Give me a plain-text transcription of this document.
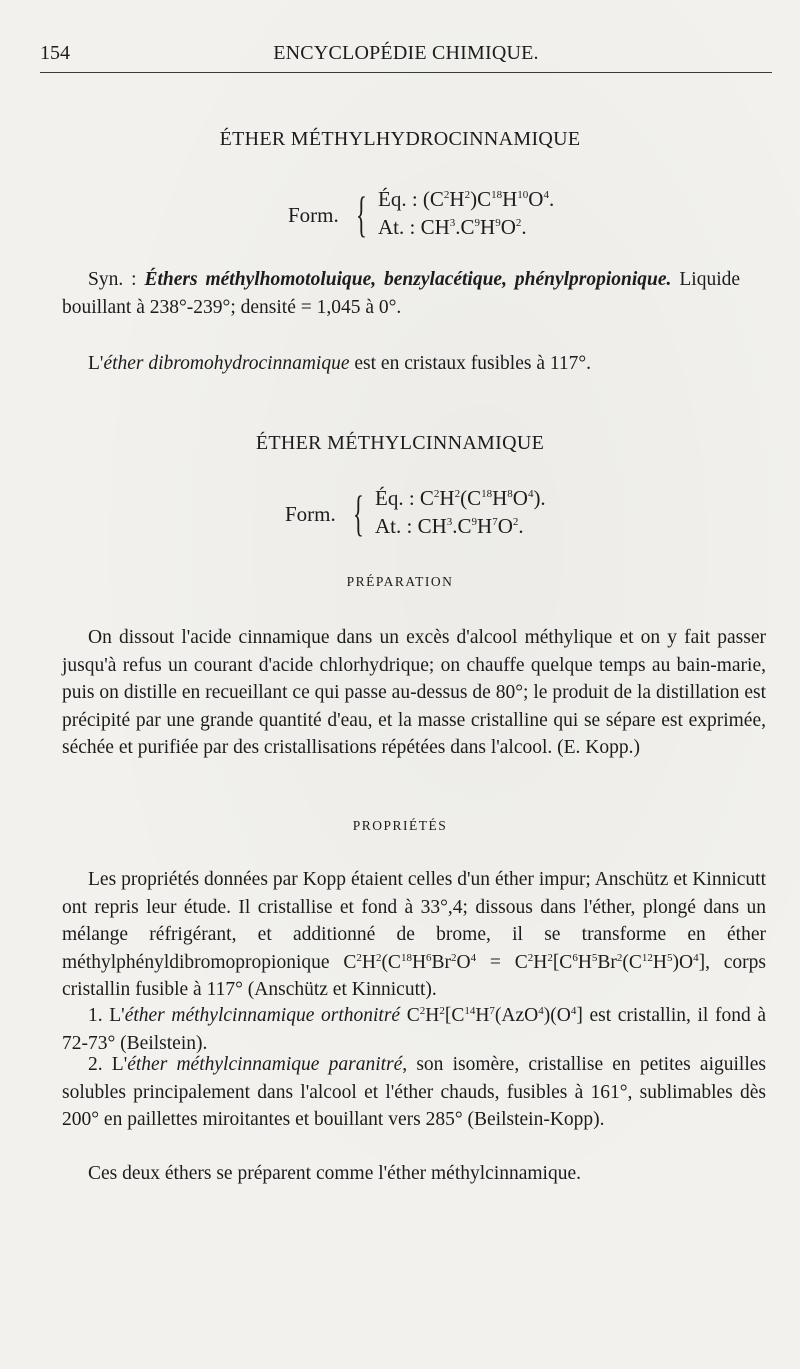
154	ENCYCLOPÉDIE CHIMIQUE.
ÉTHER MÉTHYLHYDROCINNAMIQUE
Form. { Éq. : $(C^2H^2)C^{18}H^{10}O^4$.
At. : $CH^3.C^9H^9O^2$.
Syn. : Éthers méthylhomotoluique, benzylacétique, phénylpropionique. Liquide bouillant à 238°-239°; densité = 1,045 à 0°.
L'éther dibromohydrocinnamique est en cristaux fusibles à 117°.
ÉTHER MÉTHYLCINNAMIQUE
Form. { Éq. : $C^2H^2(C^{18}H^8O^4)$.
At. : $CH^3.C^9H^7O^2$.
PRÉPARATION
On dissout l'acide cinnamique dans un excès d'alcool méthylique et on y fait passer jusqu'à refus un courant d'acide chlorhydrique; on chauffe quelque temps au bain-marie, puis on distille en recueillant ce qui passe au-dessus de 80°; le produit de la distillation est précipité par une grande quantité d'eau, et la masse cristalline qui se sépare est exprimée, séchée et purifiée par des cristallisations répétées dans l'alcool. (E. Kopp.)
PROPRIÉTÉS
Les propriétés données par Kopp étaient celles d'un éther impur; Anschütz et Kinnicutt ont repris leur étude. Il cristallise et fond à 33°,4; dissous dans l'éther, plongé dans un mélange réfrigérant, et additionné de brome, il se transforme en éther méthylphényldibromopropionique $C^2H^2(C^{18}H^6Br^2O^4 = C^2H^2[C^6H^5Br^2(C^{12}H^5)O^4]$, corps cristallin fusible à 117° (Anschütz et Kinnicutt).
1. L'éther méthylcinnamique orthonitré $C^2H^2[C^{14}H^7(AzO^4)(O^4]$ est cristallin, il fond à 72-73° (Beilstein).
2. L'éther méthylcinnamique paranitré, son isomère, cristallise en petites aiguilles solubles principalement dans l'alcool et l'éther chauds, fusibles à 161°, sublimables dès 200° en paillettes miroitantes et bouillant vers 285° (Beilstein-Kopp).
Ces deux éthers se préparent comme l'éther méthylcinnamique.
